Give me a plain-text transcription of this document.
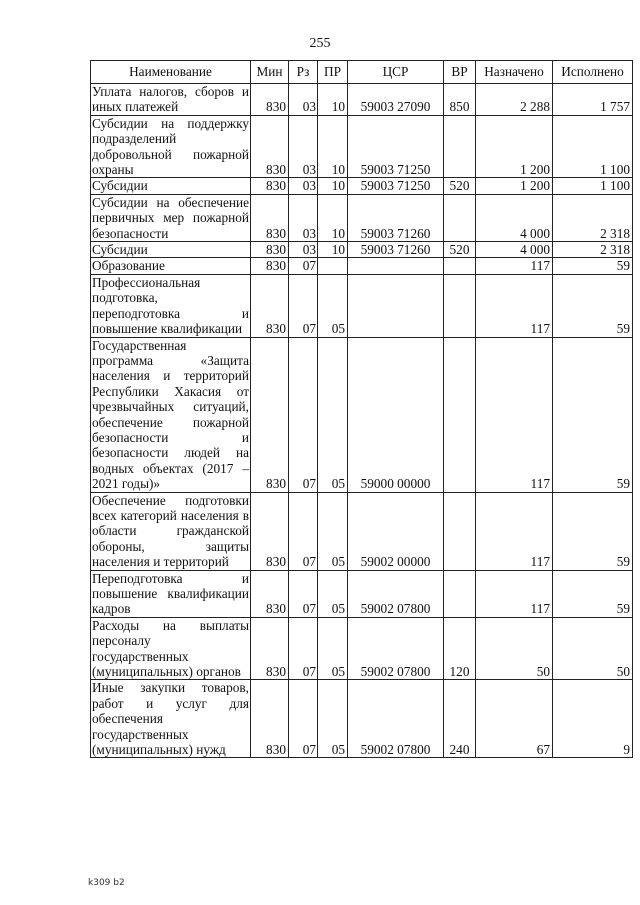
255
Наименование	Мин	Рз	ПР	ЦСР	ВР	Назначено	Исполнено
Уплата налогов, сборов и иных платежей	830	03	10	59003 27090	850	2 288	1 757
Субсидии на поддержку подразделений добровольной пожарной охраны	830	03	10	59003 71250		1 200	1 100
Субсидии	830	03	10	59003 71250	520	1 200	1 100
Субсидии на обеспечение первичных мер пожарной безопасности	830	03	10	59003 71260		4 000	2 318
Субсидии	830	03	10	59003 71260	520	4 000	2 318
Образование	830	07				117	59
Профессиональная подготовка, переподготовка и повышение квалификации	830	07	05			117	59
Государственная программа «Защита населения и территорий Республики Хакасия от чрезвычайных ситуаций, обеспечение пожарной безопасности и безопасности людей на водных объектах (2017 – 2021 годы)»	830	07	05	59000 00000		117	59
Обеспечение подготовки всех категорий населения в области гражданской обороны, защиты населения и территорий	830	07	05	59002 00000		117	59
Переподготовка и повышение квалификации кадров	830	07	05	59002 07800		117	59
Расходы на выплаты персоналу государственных (муниципальных) органов	830	07	05	59002 07800	120	50	50
Иные закупки товаров, работ и услуг для обеспечения государственных (муниципальных) нужд	830	07	05	59002 07800	240	67	9
k309 b2
